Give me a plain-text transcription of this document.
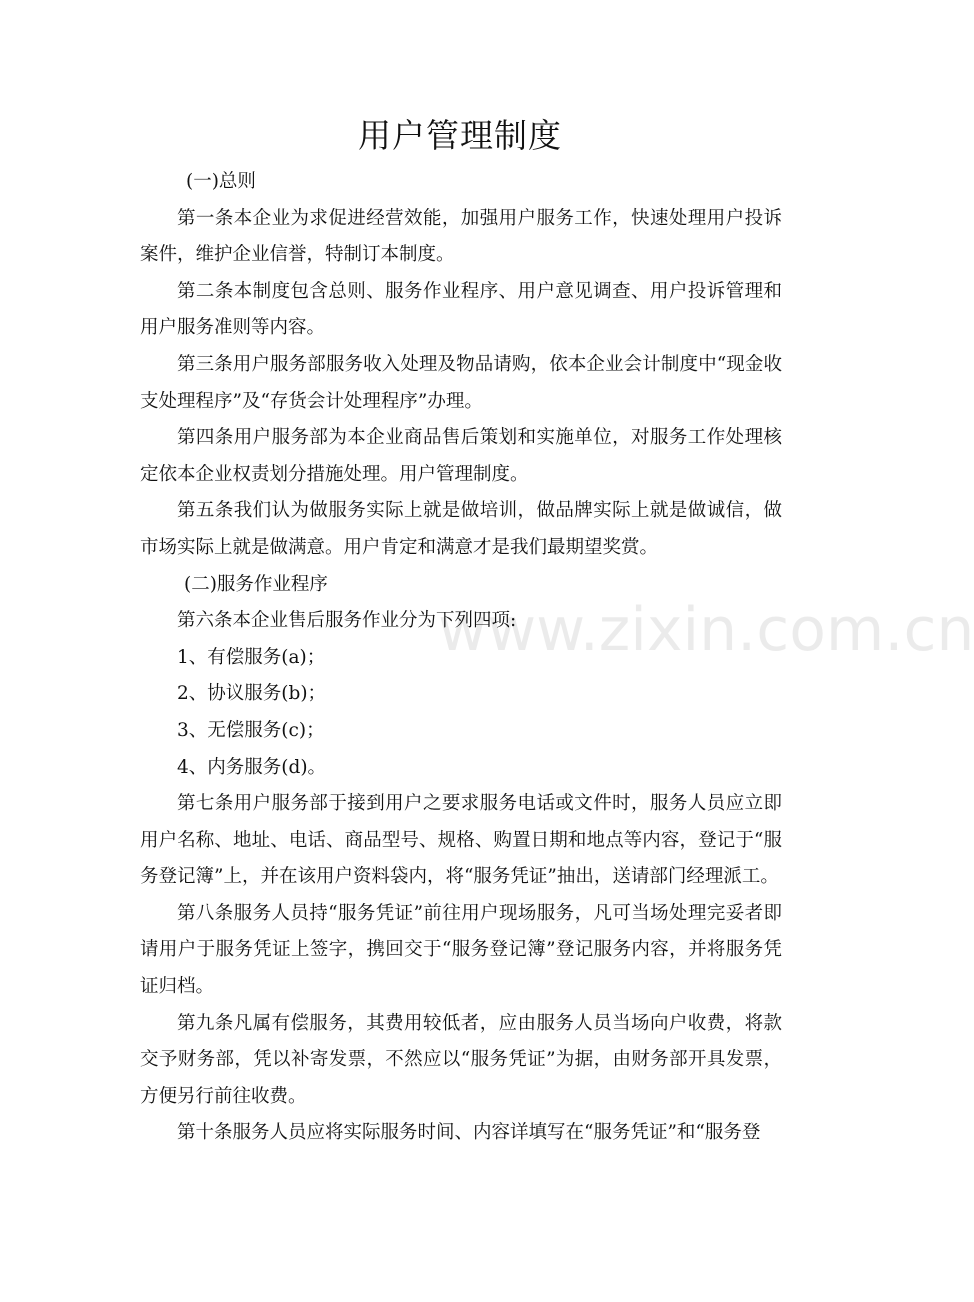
用户管理制度

(一)总则

第一条本企业为求促进经营效能，加强用户服务工作，快速处理用户投诉案件，维护企业信誉，特制订本制度。

第二条本制度包含总则、服务作业程序、用户意见调查、用户投诉管理和用户服务准则等内容。

第三条用户服务部服务收入处理及物品请购，依本企业会计制度中“现金收支处理程序”及“存货会计处理程序”办理。

第四条用户服务部为本企业商品售后策划和实施单位，对服务工作处理核定依本企业权责划分措施处理。用户管理制度。

第五条我们认为做服务实际上就是做培训，做品牌实际上就是做诚信，做市场实际上就是做满意。用户肯定和满意才是我们最期望奖赏。

(二)服务作业程序

第六条本企业售后服务作业分为下列四项:

1、有偿服务(a)；

2、协议服务(b)；

3、无偿服务(c)；

4、内务服务(d)。

第七条用户服务部于接到用户之要求服务电话或文件时，服务人员应立即用户名称、地址、电话、商品型号、规格、购置日期和地点等内容，登记于“服务登记簿”上，并在该用户资料袋内，将“服务凭证”抽出，送请部门经理派工。

第八条服务人员持“服务凭证”前往用户现场服务，凡可当场处理完妥者即请用户于服务凭证上签字，携回交于“服务登记簿”登记服务内容，并将服务凭证归档。

第九条凡属有偿服务，其费用较低者，应由服务人员当场向户收费，将款交予财务部，凭以补寄发票，不然应以“服务凭证”为据，由财务部开具发票，方便另行前往收费。

第十条服务人员应将实际服务时间、内容详填写在“服务凭证”和“服务登

www.zixin.com.cn
